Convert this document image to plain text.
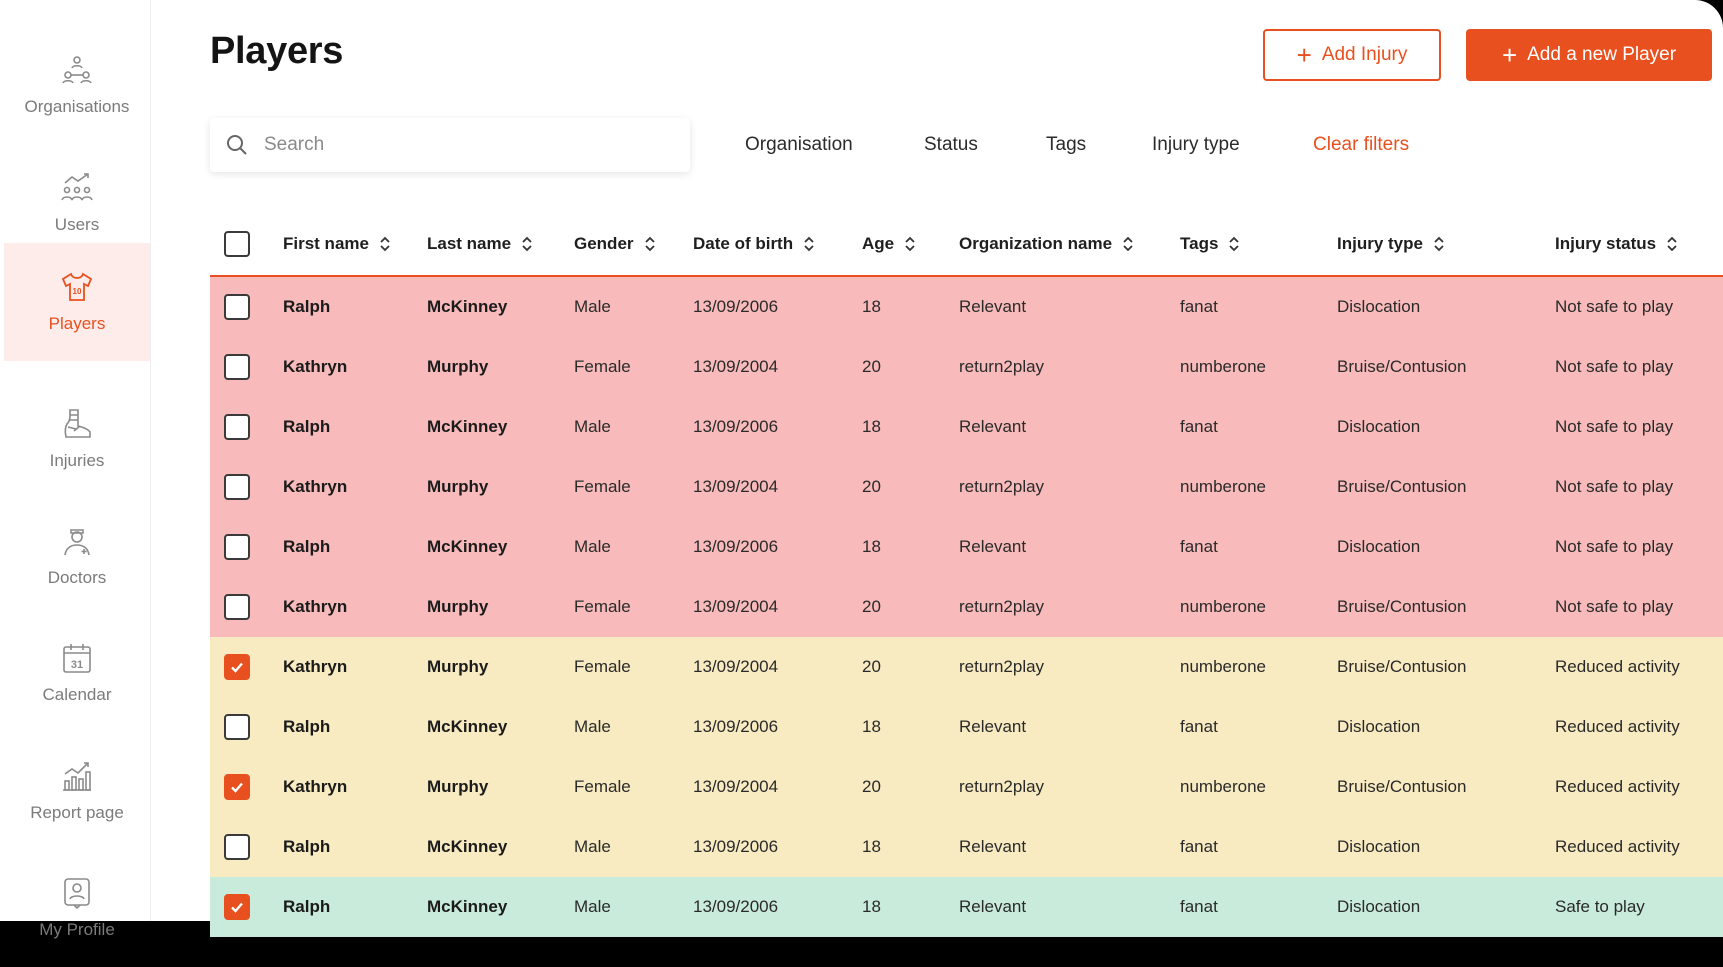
Organisations
Users
10
Players
Injuries
Doctors
31
Calendar
Report page
My Profile
Players	+ Add Injury	+ Add a new Player
Search
Organisation	Status	Tags	Injury type	Clear filters
First name	Last name	Gender	Date of birth	Age	Organization name	Tags	Injury type	Injury status
Ralph	McKinney	Male	13/09/2006	18	Relevant	fanat	Dislocation	Not safe to play
Kathryn	Murphy	Female	13/09/2004	20	return2play	numberone	Bruise/Contusion	Not safe to play
Ralph	McKinney	Male	13/09/2006	18	Relevant	fanat	Dislocation	Not safe to play
Kathryn	Murphy	Female	13/09/2004	20	return2play	numberone	Bruise/Contusion	Not safe to play
Ralph	McKinney	Male	13/09/2006	18	Relevant	fanat	Dislocation	Not safe to play
Kathryn	Murphy	Female	13/09/2004	20	return2play	numberone	Bruise/Contusion	Not safe to play
Kathryn	Murphy	Female	13/09/2004	20	return2play	numberone	Bruise/Contusion	Reduced activity
Ralph	McKinney	Male	13/09/2006	18	Relevant	fanat	Dislocation	Reduced activity
Kathryn	Murphy	Female	13/09/2004	20	return2play	numberone	Bruise/Contusion	Reduced activity
Ralph	McKinney	Male	13/09/2006	18	Relevant	fanat	Dislocation	Reduced activity
Ralph	McKinney	Male	13/09/2006	18	Relevant	fanat	Dislocation	Safe to play
